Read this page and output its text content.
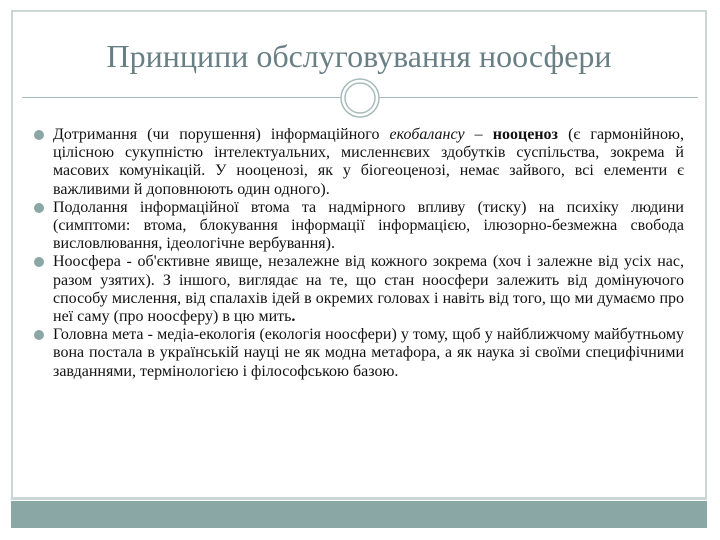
Принципи обслуговування ноосфери
Дотримання (чи порушення) інформаційного екобалансу – нооценоз (є гармонійною, цілісною сукупністю інтелектуальних, мисленнєвих здобутків суспільства, зокрема й масових комунікацій. У нооценозі, як у біогеоценозі, немає зайвого, всі елементи є важливими й доповнюють один одного).
Подолання інформаційної втома та надмірного впливу (тиску) на психіку людини (симптоми: втома, блокування інформації інформацією, ілюзорно-безмежна свобода висловлювання, ідеологічне вербування).
Ноосфера - об'єктивне явище, незалежне від кожного зокрема (хоч і залежне від усіх нас, разом узятих). З іншого, виглядає на те, що стан ноосфери залежить від домінуючого способу мислення, від спалахів ідей в окремих головах і навіть від того, що ми думаємо про неї саму (про ноосферу) в цю мить.
Головна мета - медіа-екологія (екологія ноосфери) у тому, щоб у найближчому майбутньому вона постала в українській науці не як модна метафора, а як наука зі своїми специфічними завданнями, термінологією і філософською базою.
